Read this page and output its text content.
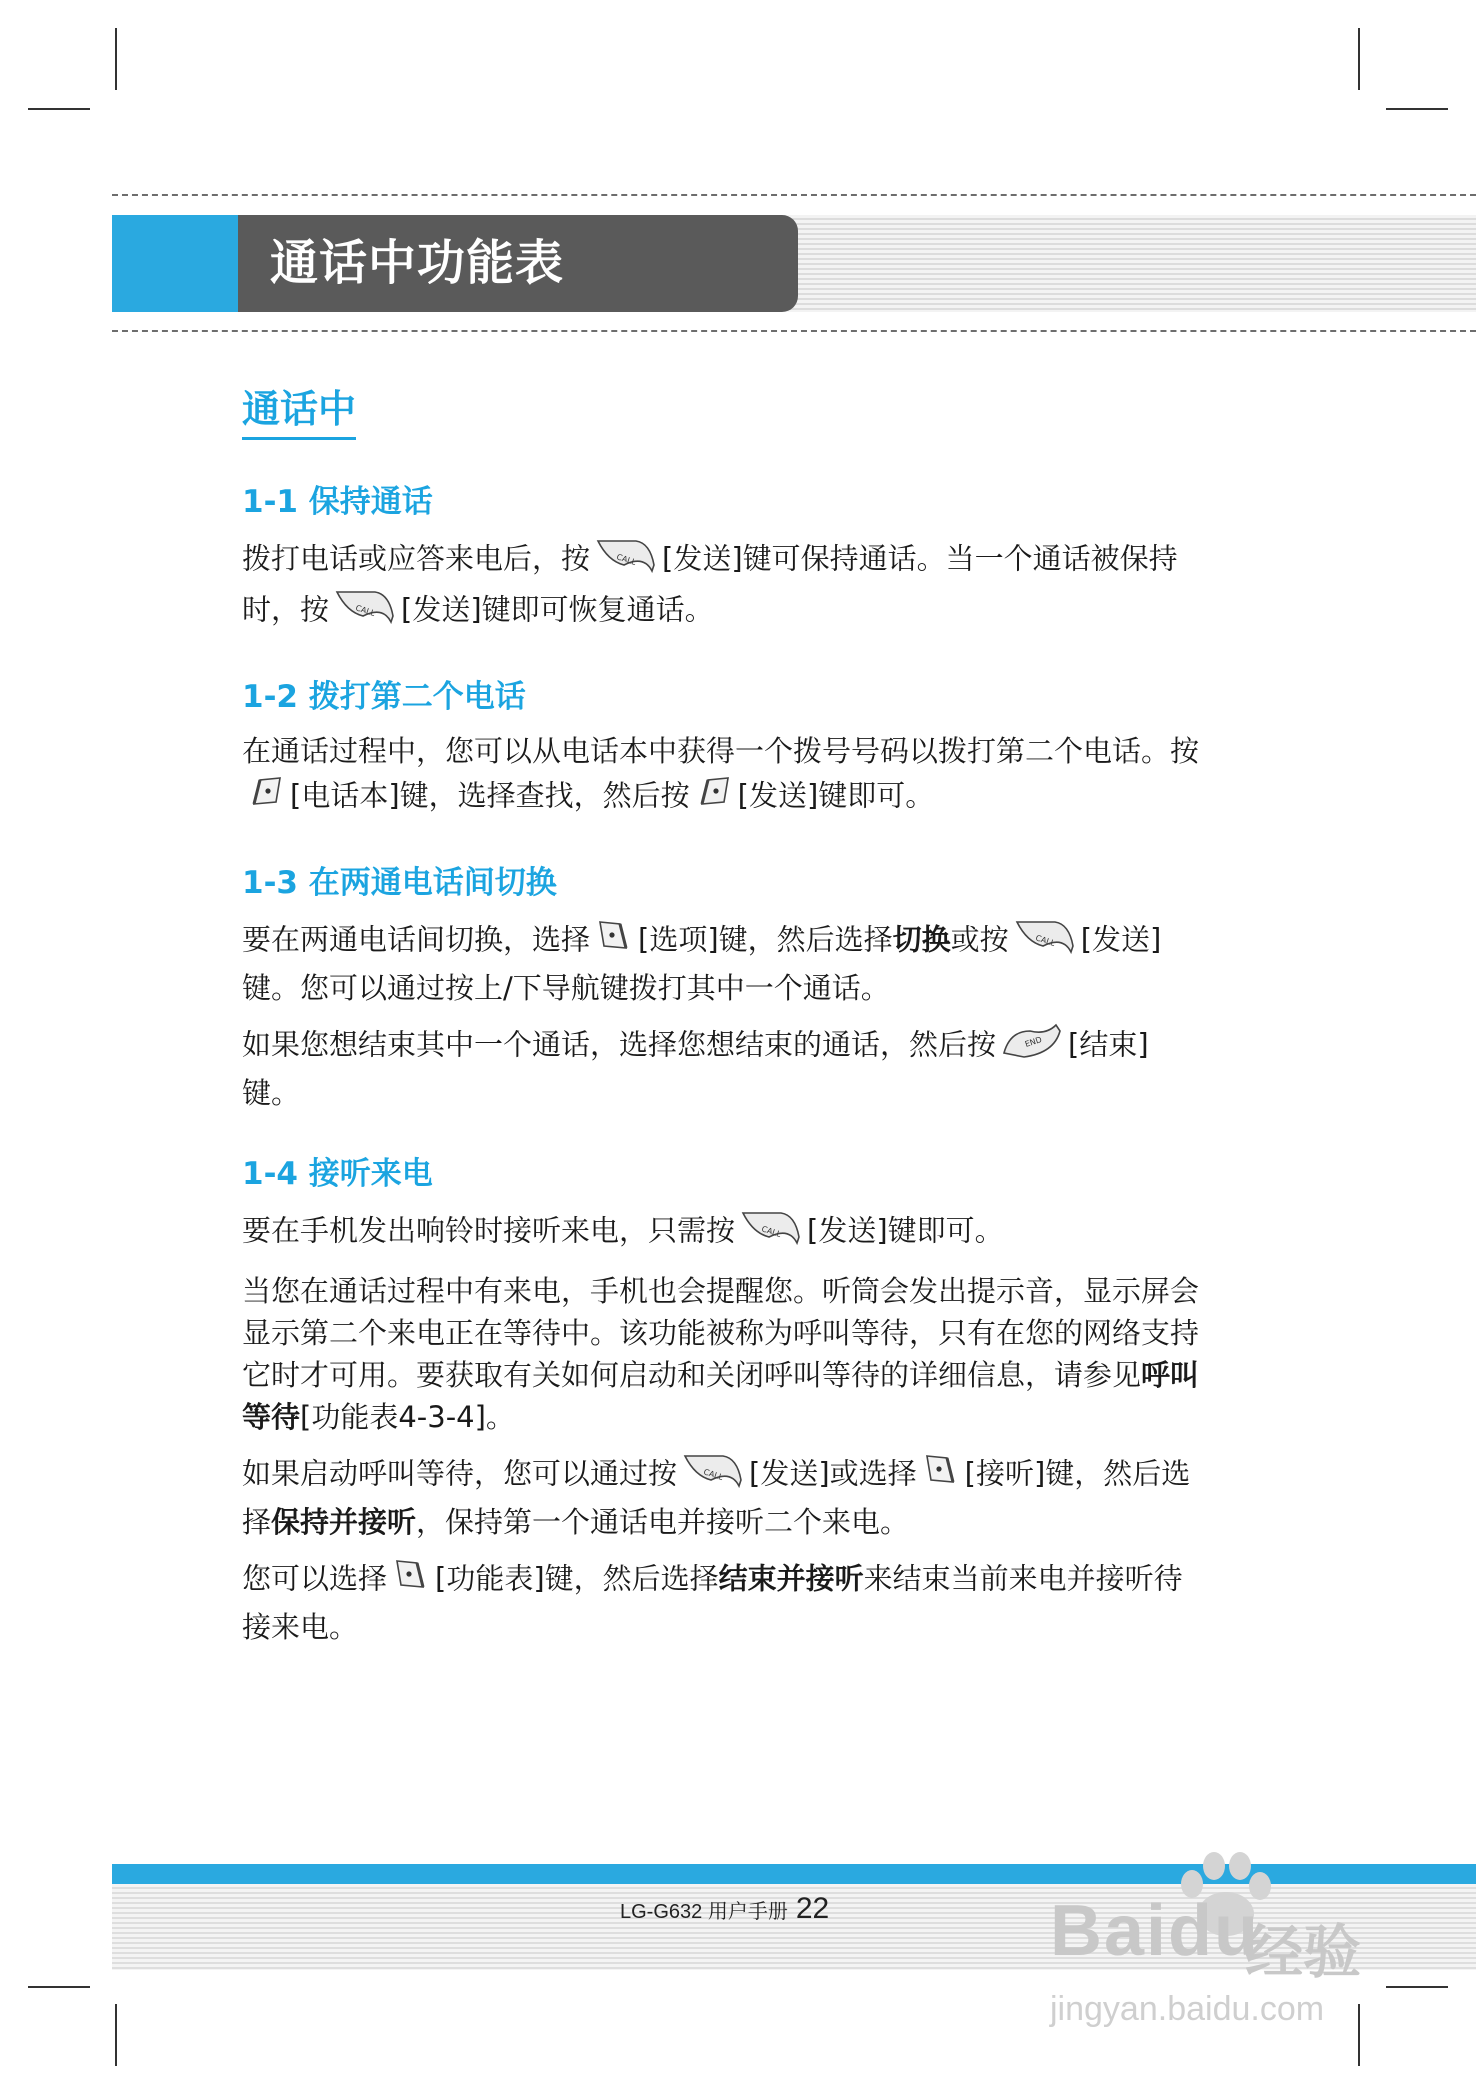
通话中功能表
通话中
1-1 保持通话

拨打电话或应答来电后，按	CALL [发送]键可保持通话。当一个通话被保持时，按	CALL [发送]键即可恢复通话。

1-2 拨打第二个电话

在通话过程中，您可以从电话本中获得一个拨号号码以拨打第二个电话。按[电话本]键，选择查找，然后按 [发送]键即可。

1-3 在两通电话间切换

要在两通电话间切换，选择 [选项]键，然后选择切换或按	CALL [发送]键。您可以通过按上/下导航键拨打其中一个通话。

如果您想结束其中一个通话，选择您想结束的通话，然后按	END [结束]键。

1-4 接听来电

要在手机发出响铃时接听来电，只需按	CALL [发送]键即可。

当您在通话过程中有来电，手机也会提醒您。听筒会发出提示音，显示屏会显示第二个来电正在等待中。该功能被称为呼叫等待，只有在您的网络支持它时才可用。要获取有关如何启动和关闭呼叫等待的详细信息，请参见呼叫等待[功能表4-3-4]。

如果启动呼叫等待，您可以通过按	CALL [发送]或选择 [接听]键，然后选择保持并接听，保持第一个通话电并接听二个来电。

您可以选择 [功能表]键，然后选择结束并接听来结束当前来电并接听待接来电。

LG-G632 用户手册 22	Baidu
经验
jingyan.baidu.com
